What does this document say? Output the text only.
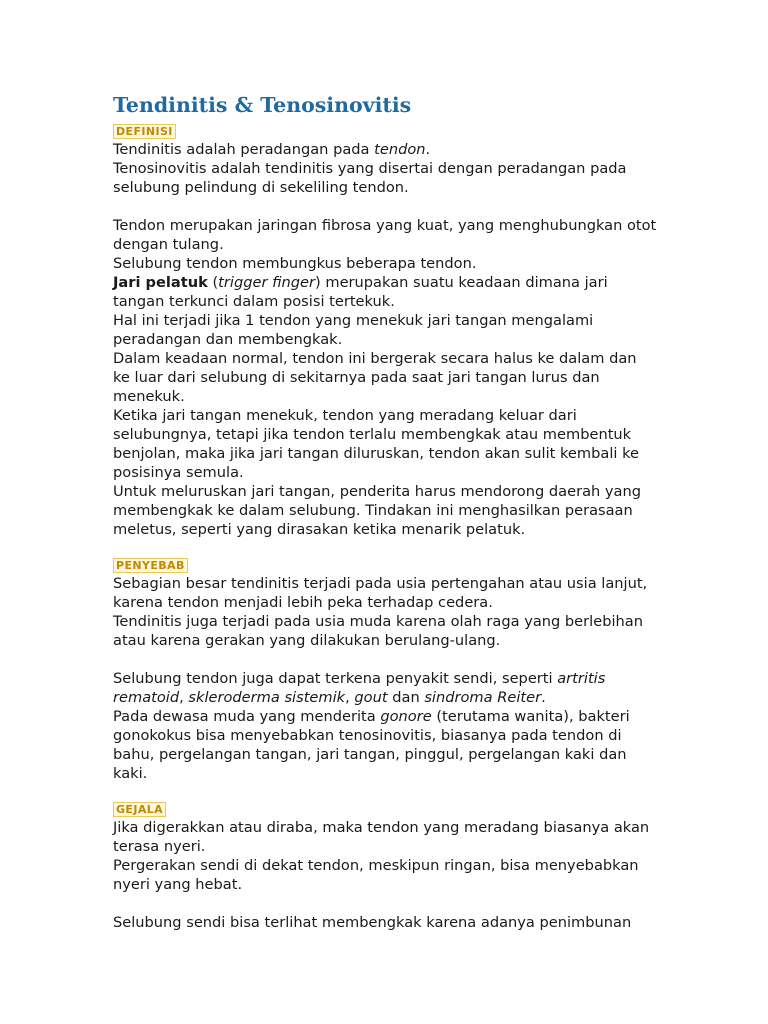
Tendinitis & Tenosinovitis
DEFINISI

Tendinitis adalah peradangan pada tendon.

Tenosinovitis adalah tendinitis yang disertai dengan peradangan pada selubung pelindung di sekeliling tendon.

Tendon merupakan jaringan fibrosa yang kuat, yang menghubungkan otot dengan tulang.

Selubung tendon membungkus beberapa tendon.

Jari pelatuk (trigger finger) merupakan suatu keadaan dimana jari tangan terkunci dalam posisi tertekuk.

Hal ini terjadi jika 1 tendon yang menekuk jari tangan mengalami peradangan dan membengkak.

Dalam keadaan normal, tendon ini bergerak secara halus ke dalam dan ke luar dari selubung di sekitarnya pada saat jari tangan lurus dan menekuk.

Ketika jari tangan menekuk, tendon yang meradang keluar dari selubungnya, tetapi jika tendon terlalu membengkak atau membentuk benjolan, maka jika jari tangan diluruskan, tendon akan sulit kembali ke posisinya semula.

Untuk meluruskan jari tangan, penderita harus mendorong daerah yang membengkak ke dalam selubung. Tindakan ini menghasilkan perasaan meletus, seperti yang dirasakan ketika menarik pelatuk.

PENYEBAB

Sebagian besar tendinitis terjadi pada usia pertengahan atau usia lanjut, karena tendon menjadi lebih peka terhadap cedera.

Tendinitis juga terjadi pada usia muda karena olah raga yang berlebihan atau karena gerakan yang dilakukan berulang-ulang.

Selubung tendon juga dapat terkena penyakit sendi, seperti artritis rematoid, skleroderma sistemik, gout dan sindroma Reiter.

Pada dewasa muda yang menderita gonore (terutama wanita), bakteri gonokokus bisa menyebabkan tenosinovitis, biasanya pada tendon di bahu, pergelangan tangan, jari tangan, pinggul, pergelangan kaki dan kaki.

GEJALA

Jika digerakkan atau diraba, maka tendon yang meradang biasanya akan terasa nyeri.

Pergerakan sendi di dekat tendon, meskipun ringan, bisa menyebabkan nyeri yang hebat.

Selubung sendi bisa terlihat membengkak karena adanya penimbunan
